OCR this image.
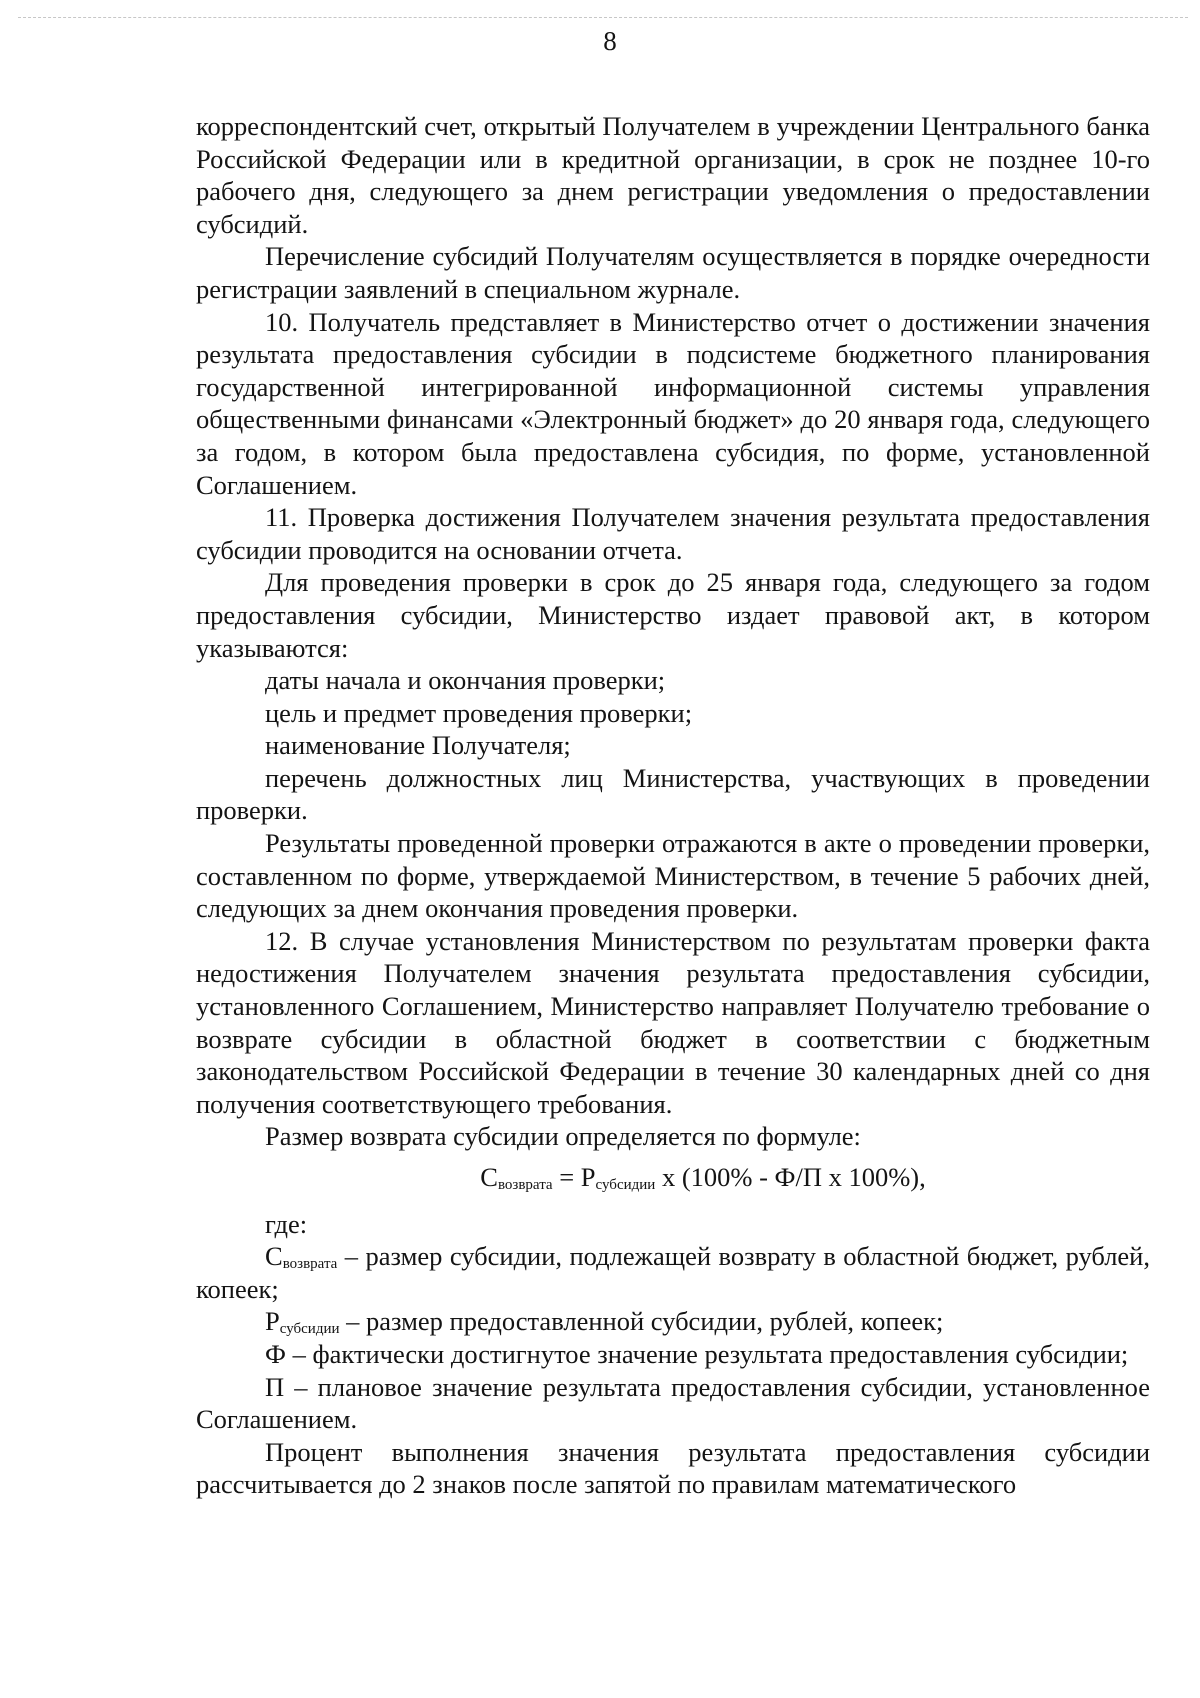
8

корреспондентский счет, открытый Получателем в учреждении Центрального банка Российской Федерации или в кредитной организации, в срок не позднее 10-го рабочего дня, следующего за днем регистрации уведомления о предоставлении субсидий.

Перечисление субсидий Получателям осуществляется в порядке очередности регистрации заявлений в специальном журнале.

10. Получатель представляет в Министерство отчет о достижении значения результата предоставления субсидии в подсистеме бюджетного планирования государственной интегрированной информационной системы управления общественными финансами «Электронный бюджет» до 20 января года, следующего за годом, в котором была предоставлена субсидия, по форме, установленной Соглашением.

11. Проверка достижения Получателем значения результата предоставления субсидии проводится на основании отчета.

Для проведения проверки в срок до 25 января года, следующего за годом предоставления субсидии, Министерство издает правовой акт, в котором указываются:

даты начала и окончания проверки;

цель и предмет проведения проверки;

наименование Получателя;

перечень должностных лиц Министерства, участвующих в проведении проверки.

Результаты проведенной проверки отражаются в акте о проведении проверки, составленном по форме, утверждаемой Министерством, в течение 5 рабочих дней, следующих за днем окончания проведения проверки.

12. В случае установления Министерством по результатам проверки факта недостижения Получателем значения результата предоставления субсидии, установленного Соглашением, Министерство направляет Получателю требование о возврате субсидии в областной бюджет в соответствии с бюджетным законодательством Российской Федерации в течение 30 календарных дней со дня получения соответствующего требования.

Размер возврата субсидии определяется по формуле:

$С_{возврата} = Р_{субсидии}$ х (100% - Ф/П х 100%),

где:

$С_{возврата}$ – размер субсидии, подлежащей возврату в областной бюджет, рублей, копеек;

$Р_{субсидии}$ – размер предоставленной субсидии, рублей, копеек;

Ф – фактически достигнутое значение результата предоставления субсидии;

П – плановое значение результата предоставления субсидии, установленное Соглашением.

Процент выполнения значения результата предоставления субсидии рассчитывается до 2 знаков после запятой по правилам математического
